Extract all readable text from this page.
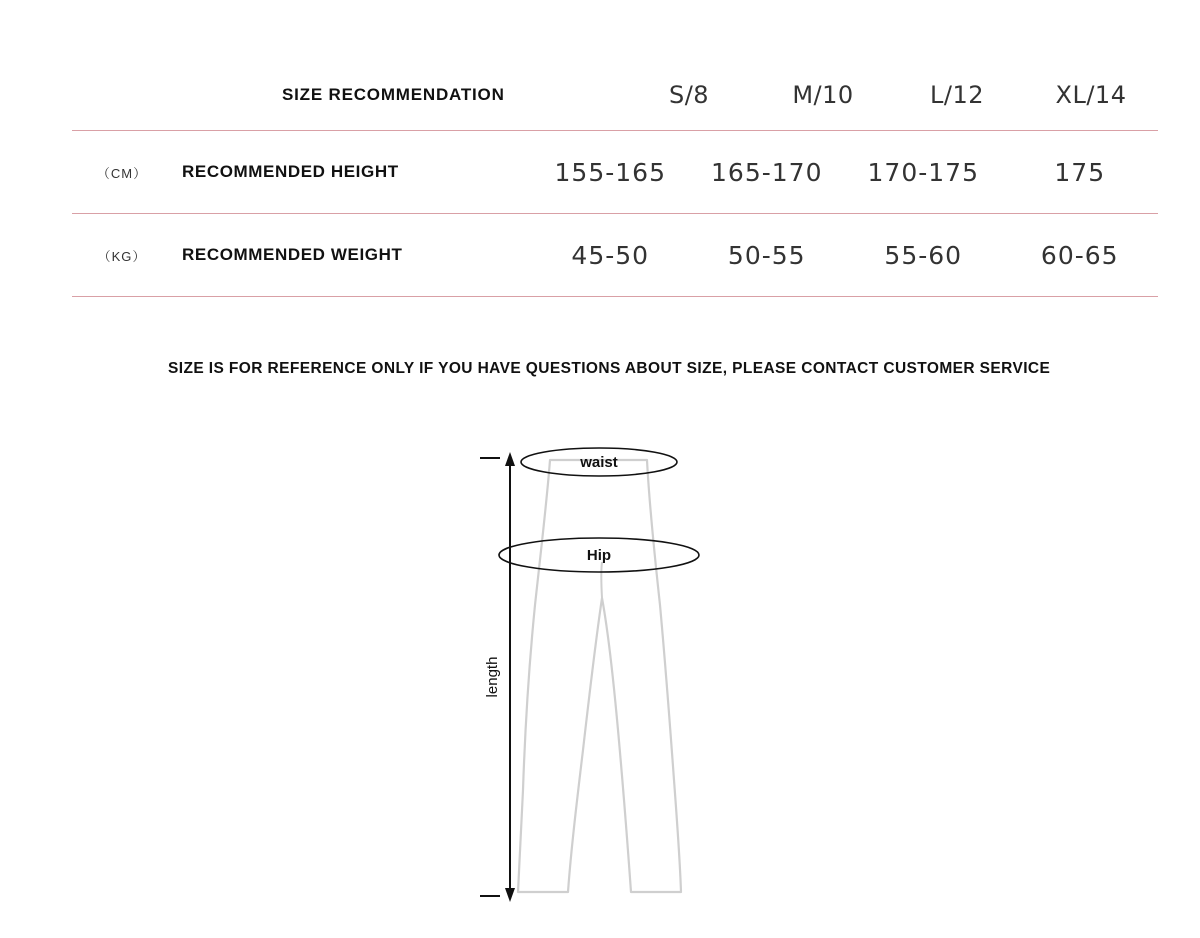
SIZE RECOMMENDATION	S/8	M/10	L/12	XL/14
（CM）	RECOMMENDED HEIGHT	155-165	165-170	170-175	175
（KG）	RECOMMENDED WEIGHT	45-50	50-55	55-60	60-65
SIZE IS FOR REFERENCE ONLY IF YOU HAVE QUESTIONS ABOUT SIZE, PLEASE CONTACT CUSTOMER SERVICE
waist
Hip
length
